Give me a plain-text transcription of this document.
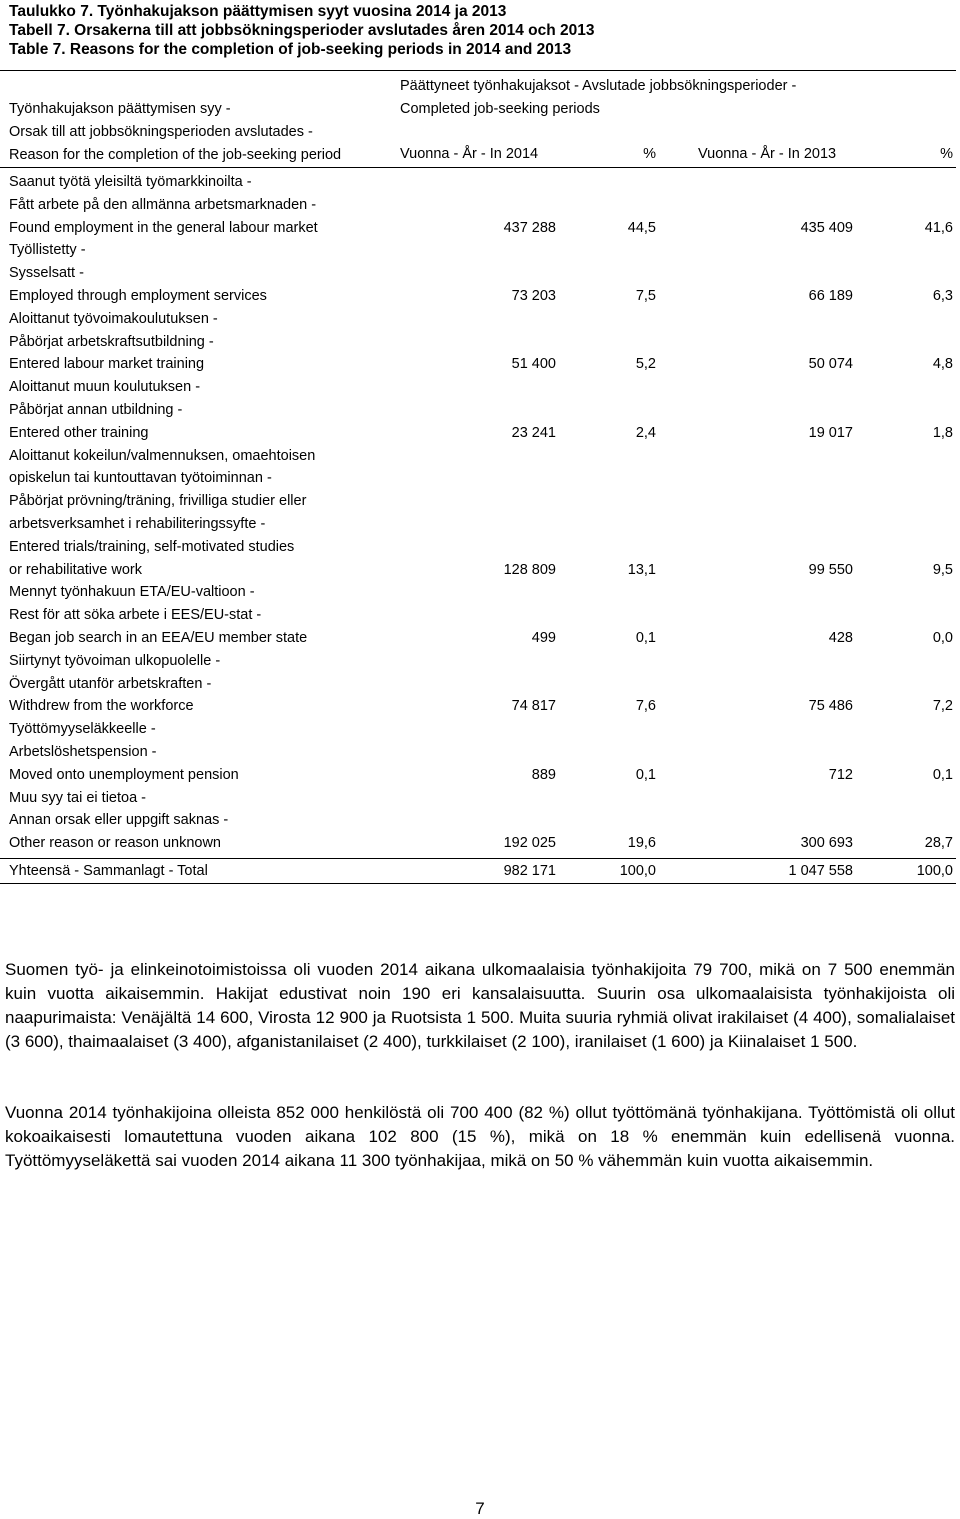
Taulukko 7. Työnhakujakson päättymisen syyt vuosina 2014 ja 2013
Tabell 7. Orsakerna till att jobbsökningsperioder avslutades åren 2014 och 2013
Table 7. Reasons for the completion of job-seeking periods in 2014 and 2013
Päättyneet työnhakujaksot - Avslutade jobbsökningsperioder -
Completed job-seeking periods
Työnhakujakson päättymisen syy -
Orsak till att jobbsökningsperioden avslutades -
Reason for the completion of the job-seeking period	Vuonna - År - In 2014	%	Vuonna - År - In 2013	%
Saanut työtä yleisiltä työmarkkinoilta -
Fått arbete på den allmänna arbetsmarknaden -
Found employment in the general labour market	437 288	44,5	435 409	41,6
Työllistetty -
Sysselsatt -
Employed through employment services	73 203	7,5	66 189	6,3
Aloittanut työvoimakoulutuksen -
Påbörjat arbetskraftsutbildning -
Entered labour market training	51 400	5,2	50 074	4,8
Aloittanut muun koulutuksen -
Påbörjat annan utbildning -
Entered other training	23 241	2,4	19 017	1,8
Aloittanut kokeilun/valmennuksen, omaehtoisen
opiskelun tai kuntouttavan työtoiminnan -
Påbörjat prövning/träning, frivilliga studier eller
arbetsverksamhet i rehabiliteringssyfte -
Entered trials/training, self-motivated studies
or rehabilitative work	128 809	13,1	99 550	9,5
Mennyt työnhakuun ETA/EU-valtioon -
Rest för att söka arbete i EES/EU-stat -
Began job search in an EEA/EU member state	499	0,1	428	0,0
Siirtynyt työvoiman ulkopuolelle -
Övergått utanför arbetskraften -
Withdrew from the workforce	74 817	7,6	75 486	7,2
Työttömyyseläkkeelle -
Arbetslöshetspension -
Moved onto unemployment pension	889	0,1	712	0,1
Muu syy tai ei tietoa -
Annan orsak eller uppgift saknas -
Other reason or reason unknown	192 025	19,6	300 693	28,7
Yhteensä - Sammanlagt - Total	982 171	100,0	1 047 558	100,0
Suomen työ- ja elinkeinotoimistoissa oli vuoden 2014 aikana ulkomaalaisia työnhakijoita 79 700, mikä on 7 500 enemmän kuin vuotta aikaisemmin. Hakijat edustivat noin 190 eri kansalaisuutta. Suurin osa ulkomaalaisista työnhakijoista oli naapurimaista: Venäjältä 14 600, Virosta 12 900 ja Ruotsista 1 500. Muita suuria ryhmiä olivat irakilaiset (4 400), somalialaiset (3 600), thaimaalaiset (3 400), afganistanilaiset (2 400), turkkilaiset (2 100), iranilaiset (1 600) ja Kiinalaiset 1 500.
Vuonna 2014 työnhakijoina olleista 852 000 henkilöstä oli 700 400 (82 %) ollut työttömänä työnhakijana. Työttömistä oli ollut kokoaikaisesti lomautettuna vuoden aikana 102 800 (15 %), mikä on 18 % enemmän kuin edellisenä vuonna. Työttömyyseläkettä sai vuoden 2014 aikana 11 300 työnhakijaa, mikä on 50 % vähemmän kuin vuotta aikaisemmin.
7
